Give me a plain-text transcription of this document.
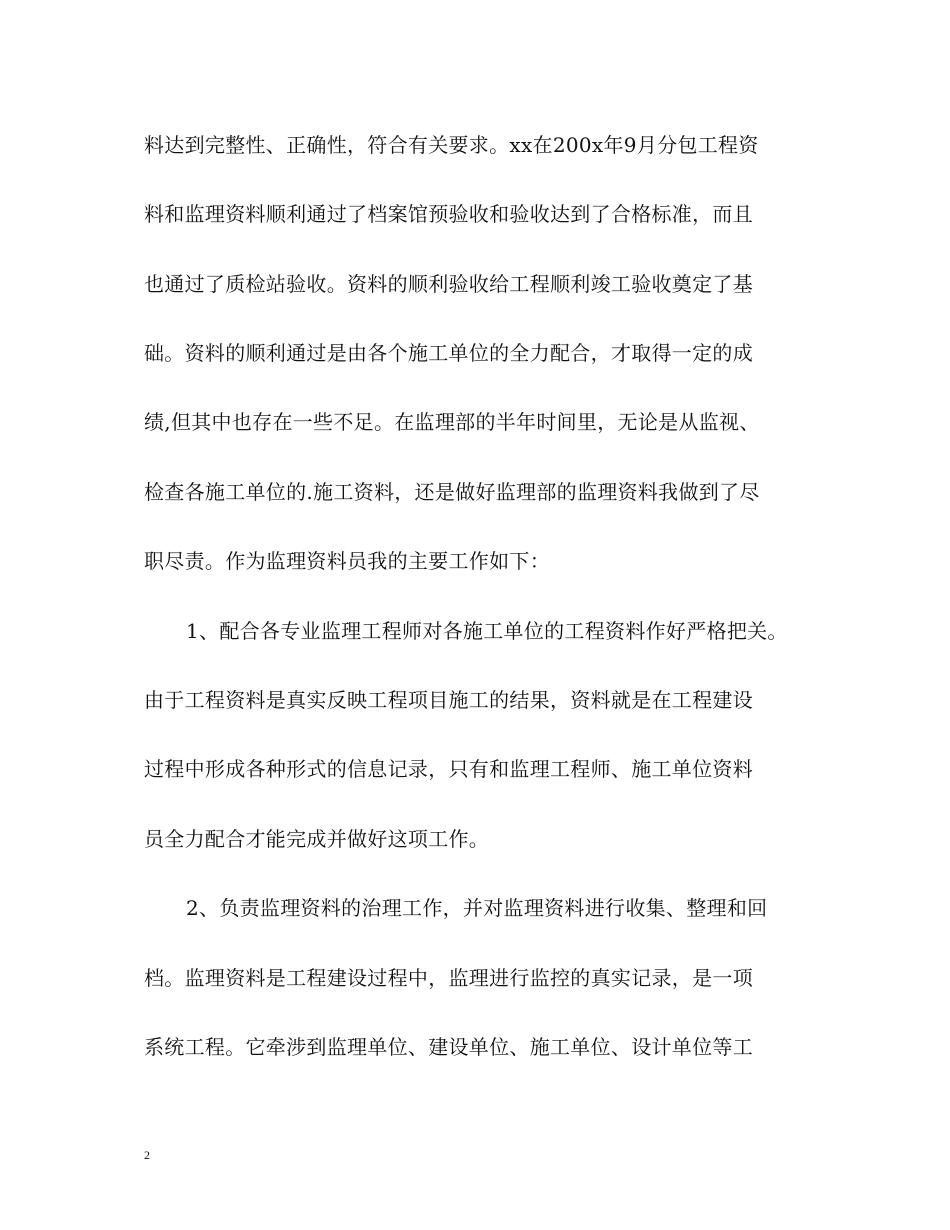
料达到完整性、正确性，符合有关要求。xx在200x年9月分包工程资
料和监理资料顺利通过了档案馆预验收和验收达到了合格标准，而且
也通过了质检站验收。资料的顺利验收给工程顺利竣工验收奠定了基
础。资料的顺利通过是由各个施工单位的全力配合，才取得一定的成
绩,但其中也存在一些不足。在监理部的半年时间里，无论是从监视、
检查各施工单位的.施工资料，还是做好监理部的监理资料我做到了尽
职尽责。作为监理资料员我的主要工作如下：
1、配合各专业监理工程师对各施工单位的工程资料作好严格把关。
由于工程资料是真实反映工程项目施工的结果，资料就是在工程建设
过程中形成各种形式的信息记录，只有和监理工程师、施工单位资料
员全力配合才能完成并做好这项工作。
2、负责监理资料的治理工作，并对监理资料进行收集、整理和回
档。监理资料是工程建设过程中，监理进行监控的真实记录，是一项
系统工程。它牵涉到监理单位、建设单位、施工单位、设计单位等工
2
